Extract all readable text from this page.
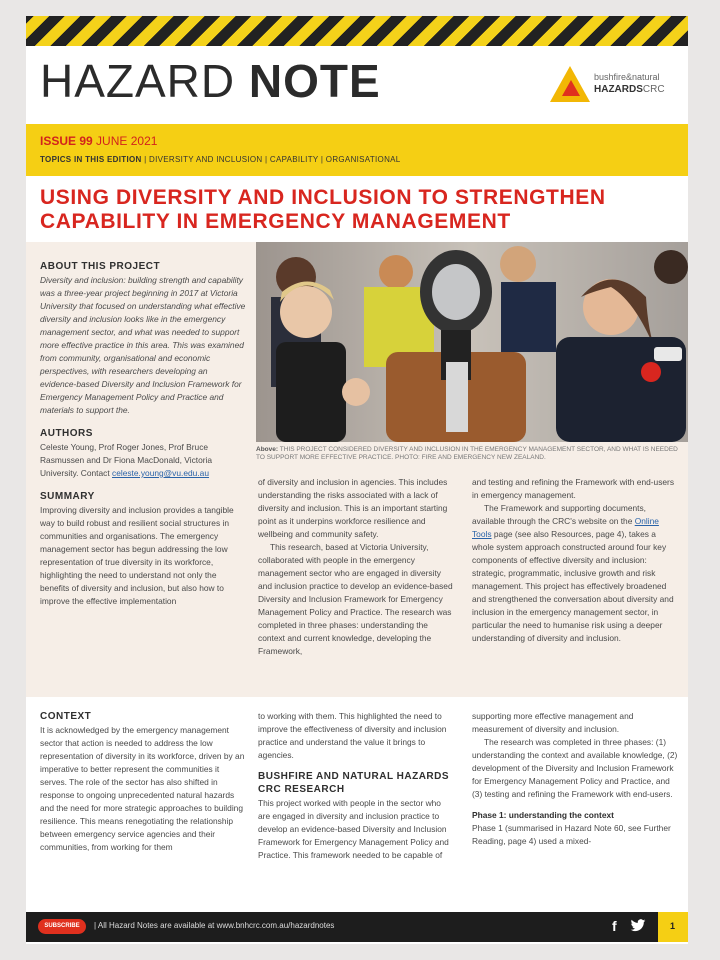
HAZARD NOTE	bushfire&natural
HAZARDSCRC
ISSUE 99 JUNE 2021
TOPICS IN THIS EDITION | DIVERSITY AND INCLUSION | CAPABILITY | ORGANISATIONAL
USING DIVERSITY AND INCLUSION TO STRENGTHEN CAPABILITY IN EMERGENCY MANAGEMENT
Above: THIS PROJECT CONSIDERED DIVERSITY AND INCLUSION IN THE EMERGENCY MANAGEMENT SECTOR, AND WHAT IS NEEDED TO SUPPORT MORE EFFECTIVE PRACTICE. PHOTO: FIRE AND EMERGENCY NEW ZEALAND.
ABOUT THIS PROJECT

Diversity and inclusion: building strength and capability was a three-year project beginning in 2017 at Victoria University that focused on understanding what effective diversity and inclusion looks like in the emergency management sector, and what was needed to support more effective practice in this area. This was examined from community, organisational and economic perspectives, with researchers developing an evidence-based Diversity and Inclusion Framework for Emergency Management Policy and Practice and materials to support the.

AUTHORS

Celeste Young, Prof Roger Jones, Prof Bruce Rasmussen and Dr Fiona MacDonald, Victoria University. Contact celeste.young@vu.edu.au

SUMMARY

Improving diversity and inclusion provides a tangible way to build robust and resilient social structures in communities and organisations. The emergency management sector has begun addressing the low representation of true diversity in its workforce, highlighting the need to understand not only the benefits of diversity and inclusion, but also how to improve the effective implementation

of diversity and inclusion in agencies. This includes understanding the risks associated with a lack of diversity and inclusion. This is an important starting point as it underpins workforce resilience and wellbeing and community safety.

This research, based at Victoria University, collaborated with people in the emergency management sector who are engaged in diversity and inclusion practice to develop an evidence-based Diversity and Inclusion Framework for Emergency Management Policy and Practice. The research was completed in three phases: understanding the context and current knowledge, developing the Framework,

and testing and refining the Framework with end-users in emergency management.

The Framework and supporting documents, available through the CRC's website on the Online Tools page (see also Resources, page 4), takes a whole system approach constructed around four key components of effective diversity and inclusion: strategic, programmatic, inclusive growth and risk management. This project has effectively broadened and strengthened the conversation about diversity and inclusion in the emergency management sector, in particular the need to humanise risk using a deeper understanding of diversity and inclusion.

CONTEXT

It is acknowledged by the emergency management sector that action is needed to address the low representation of diversity in its workforce, driven by an imperative to better represent the communities it serves. The role of the sector has also shifted in response to ongoing unprecedented natural hazards and the need for more strategic approaches to building resilience. This means renegotiating the relationship between emergency service agencies and their communities, from working for them

to working with them. This highlighted the need to improve the effectiveness of diversity and inclusion practice and understand the value it brings to agencies.

BUSHFIRE AND NATURAL HAZARDS CRC RESEARCH

This project worked with people in the sector who are engaged in diversity and inclusion practice to develop an evidence-based Diversity and Inclusion Framework for Emergency Management Policy and Practice. This framework needed to be capable of

supporting more effective management and measurement of diversity and inclusion.

The research was completed in three phases: (1) understanding the context and available knowledge, (2) development of the Diversity and Inclusion Framework for Emergency Management Policy and Practice, and (3) testing and refining the Framework with end-users.

Phase 1: understanding the context

Phase 1 (summarised in Hazard Note 60, see Further Reading, page 4) used a mixed-

SUBSCRIBE	| All Hazard Notes are available at www.bnhcrc.com.au/hazardnotes	f	1
